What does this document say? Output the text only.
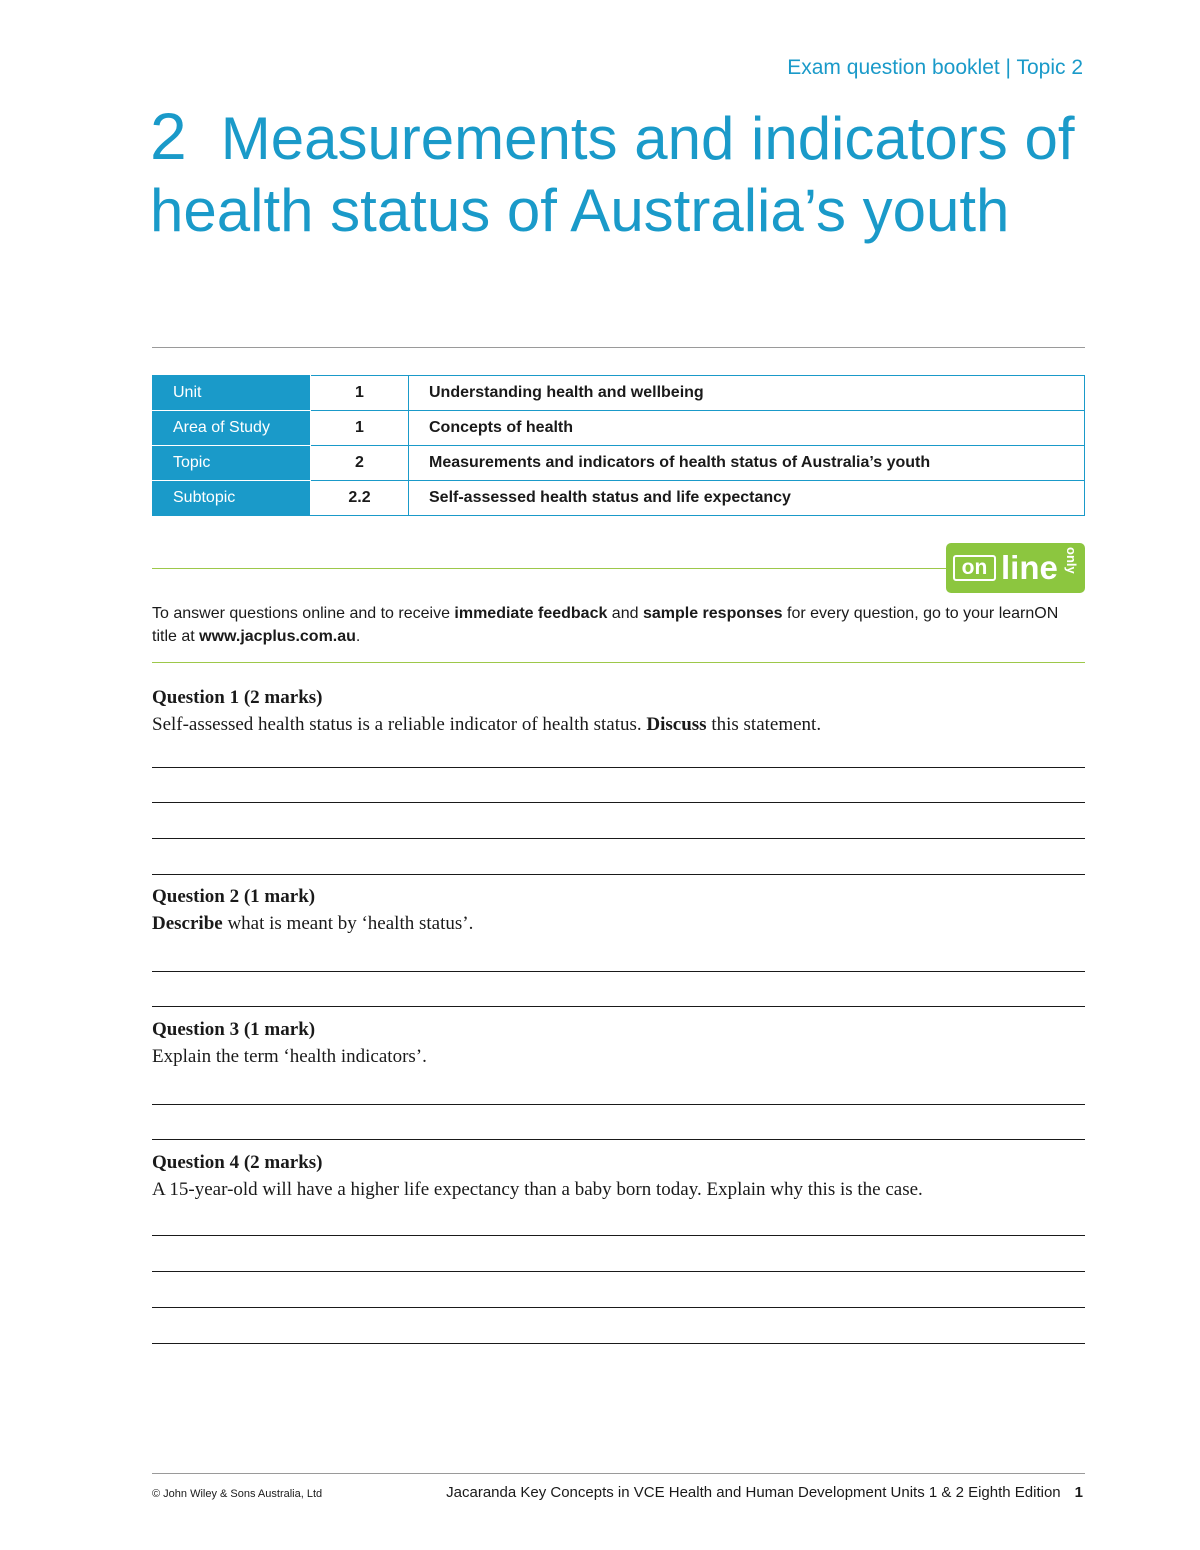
Exam question booklet | Topic 2
2 Measurements and indicators of health status of Australia’s youth
Unit	1	Understanding health and wellbeing
Area of Study	1	Concepts of health
Topic	2	Measurements and indicators of health status of Australia’s youth
Subtopic	2.2	Self-assessed health status and life expectancy
on line only

To answer questions online and to receive immediate feedback and sample responses for every question, go to your learnON title at www.jacplus.com.au.

Question 1 (2 marks)
Self-assessed health status is a reliable indicator of health status. Discuss this statement.
Question 2 (1 mark)
Describe what is meant by ‘health status’.
Question 3 (1 mark)
Explain the term ‘health indicators’.
Question 4 (2 marks)
A 15-year-old will have a higher life expectancy than a baby born today. Explain why this is the case.
© John Wiley & Sons Australia, Ltd	Jacaranda Key Concepts in VCE Health and Human Development Units 1 & 2 Eighth Edition 1
